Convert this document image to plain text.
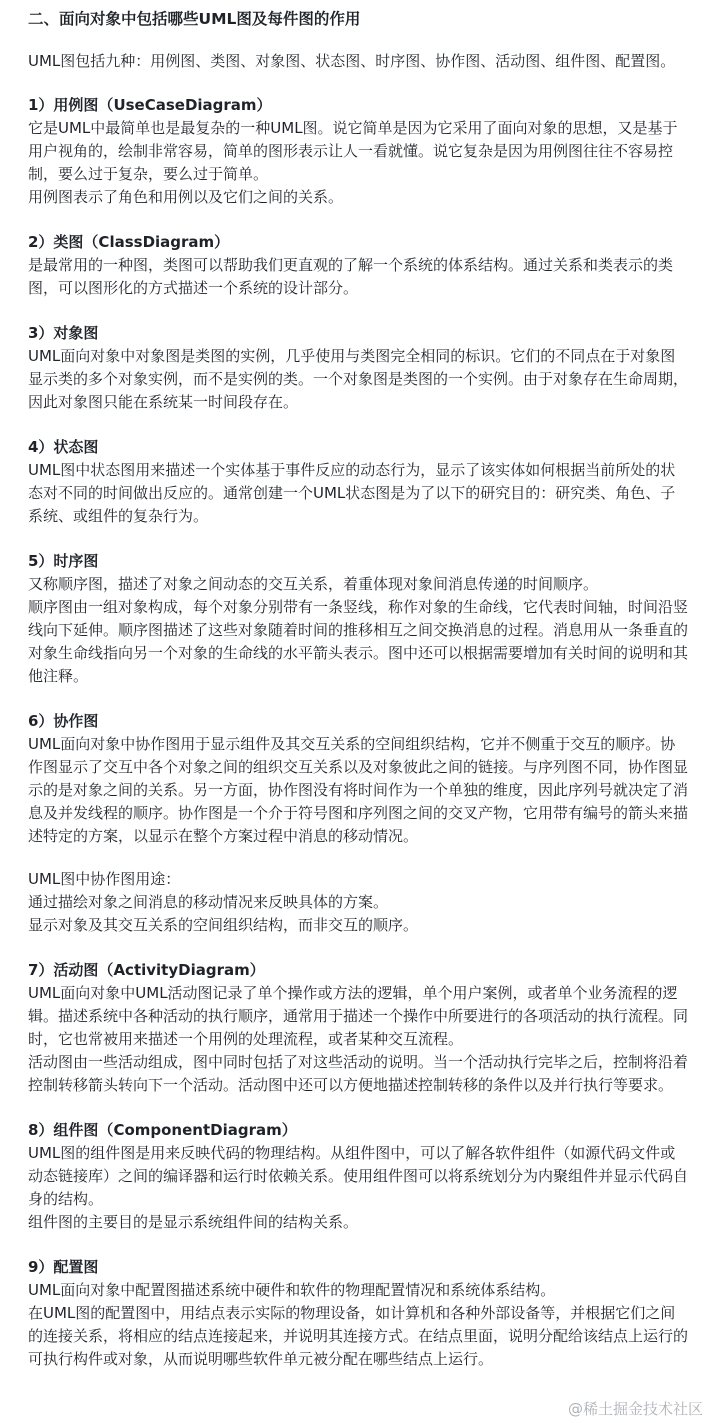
二、面向对象中包括哪些UML图及每件图的作用

UML图包括九种：用例图、类图、对象图、状态图、时序图、协作图、活动图、组件图、配置图。

1）用例图（UseCaseDiagram）

它是UML中最简单也是最复杂的一种UML图。说它简单是因为它采用了面向对象的思想，又是基于用户视角的，绘制非常容易，简单的图形表示让人一看就懂。说它复杂是因为用例图往往不容易控制，要么过于复杂，要么过于简单。

用例图表示了角色和用例以及它们之间的关系。

2）类图（ClassDiagram）

是最常用的一种图，类图可以帮助我们更直观的了解一个系统的体系结构。通过关系和类表示的类图，可以图形化的方式描述一个系统的设计部分。

3）对象图

UML面向对象中对象图是类图的实例，几乎使用与类图完全相同的标识。它们的不同点在于对象图显示类的多个对象实例，而不是实例的类。一个对象图是类图的一个实例。由于对象存在生命周期，因此对象图只能在系统某一时间段存在。

4）状态图

UML图中状态图用来描述一个实体基于事件反应的动态行为，显示了该实体如何根据当前所处的状态对不同的时间做出反应的。通常创建一个UML状态图是为了以下的研究目的：研究类、角色、子系统、或组件的复杂行为。

5）时序图

又称顺序图，描述了对象之间动态的交互关系，着重体现对象间消息传递的时间顺序。

顺序图由一组对象构成，每个对象分别带有一条竖线，称作对象的生命线，它代表时间轴，时间沿竖线向下延伸。顺序图描述了这些对象随着时间的推移相互之间交换消息的过程。消息用从一条垂直的对象生命线指向另一个对象的生命线的水平箭头表示。图中还可以根据需要增加有关时间的说明和其他注释。

6）协作图

UML面向对象中协作图用于显示组件及其交互关系的空间组织结构，它并不侧重于交互的顺序。协作图显示了交互中各个对象之间的组织交互关系以及对象彼此之间的链接。与序列图不同，协作图显示的是对象之间的关系。另一方面，协作图没有将时间作为一个单独的维度，因此序列号就决定了消息及并发线程的顺序。协作图是一个介于符号图和序列图之间的交叉产物，它用带有编号的箭头来描述特定的方案，以显示在整个方案过程中消息的移动情况。

UML图中协作图用途：

通过描绘对象之间消息的移动情况来反映具体的方案。

显示对象及其交互关系的空间组织结构，而非交互的顺序。

7）活动图（ActivityDiagram）

UML面向对象中UML活动图记录了单个操作或方法的逻辑，单个用户案例，或者单个业务流程的逻辑。描述系统中各种活动的执行顺序，通常用于描述一个操作中所要进行的各项活动的执行流程。同时，它也常被用来描述一个用例的处理流程，或者某种交互流程。

活动图由一些活动组成，图中同时包括了对这些活动的说明。当一个活动执行完毕之后，控制将沿着控制转移箭头转向下一个活动。活动图中还可以方便地描述控制转移的条件以及并行执行等要求。

8）组件图（ComponentDiagram）

UML图的组件图是用来反映代码的物理结构。从组件图中，可以了解各软件组件（如源代码文件或动态链接库）之间的编译器和运行时依赖关系。使用组件图可以将系统划分为内聚组件并显示代码自身的结构。

组件图的主要目的是显示系统组件间的结构关系。

9）配置图

UML面向对象中配置图描述系统中硬件和软件的物理配置情况和系统体系结构。

在UML图的配置图中，用结点表示实际的物理设备，如计算机和各种外部设备等，并根据它们之间的连接关系，将相应的结点连接起来，并说明其连接方式。在结点里面，说明分配给该结点上运行的可执行构件或对象，从而说明哪些软件单元被分配在哪些结点上运行。

@稀土掘金技术社区
